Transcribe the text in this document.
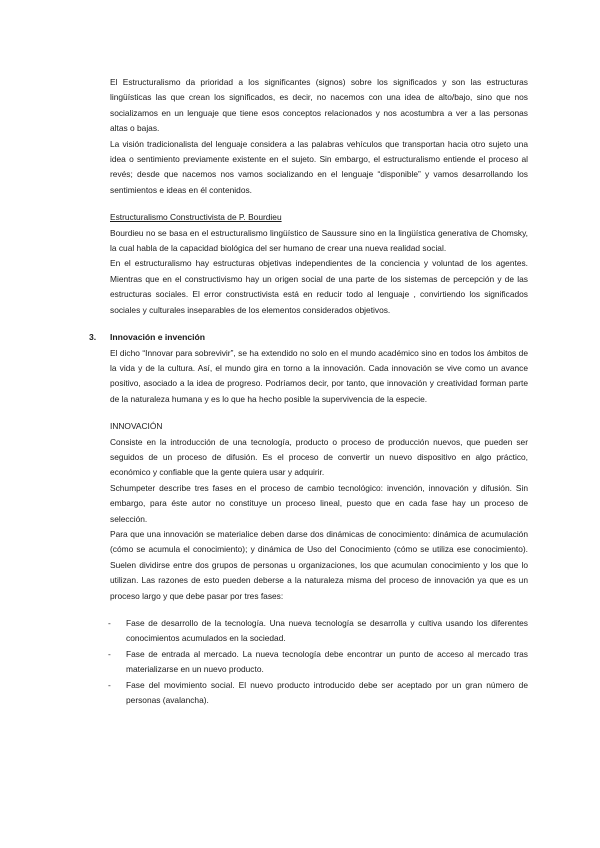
El Estructuralismo da prioridad a los significantes (signos) sobre los significados y son las estructuras lingüísticas las que crean los significados, es decir, no nacemos con una idea de alto/bajo, sino que nos socializamos en un lenguaje que tiene esos conceptos relacionados y nos acostumbra a ver a las personas altas o bajas.

La visión tradicionalista del lenguaje considera a las palabras vehículos que transportan hacia otro sujeto una idea o sentimiento previamente existente en el sujeto. Sin embargo, el estructuralismo entiende el proceso al revés; desde que nacemos nos vamos socializando en el lenguaje “disponible” y vamos desarrollando los sentimientos e ideas en él contenidos.

Estructuralismo Constructivista de P. Bourdieu

Bourdieu no se basa en el estructuralismo lingüístico de Saussure sino en la lingüística generativa de Chomsky, la cual habla de la capacidad biológica del ser humano de crear una nueva realidad social.

En el estructuralismo hay estructuras objetivas independientes de la conciencia y voluntad de los agentes. Mientras que en el constructivismo hay un origen social de una parte de los sistemas de percepción y de las estructuras sociales. El error constructivista está en reducir todo al lenguaje , convirtiendo los significados sociales y culturales inseparables de los elementos considerados objetivos.

3. Innovación e invención

El dicho “Innovar para sobrevivir”, se ha extendido no solo en el mundo académico sino en todos los ámbitos de la vida y de la cultura. Así, el mundo gira en torno a la innovación. Cada innovación se vive como un avance positivo, asociado a la idea de progreso. Podríamos decir, por tanto, que innovación y creatividad forman parte de la naturaleza humana y es lo que ha hecho posible la supervivencia de la especie.

INNOVACIÓN

Consiste en la introducción de una tecnología, producto o proceso de producción nuevos, que pueden ser seguidos de un proceso de difusión. Es el proceso de convertir un nuevo dispositivo en algo práctico, económico y confiable que la gente quiera usar y adquirir.

Schumpeter describe tres fases en el proceso de cambio tecnológico: invención, innovación y difusión. Sin embargo, para éste autor no constituye un proceso lineal, puesto que en cada fase hay un proceso de selección.

Para que una innovación se materialice deben darse dos dinámicas de conocimiento: dinámica de acumulación (cómo se acumula el conocimiento); y dinámica de Uso del Conocimiento (cómo se utiliza ese conocimiento). Suelen dividirse entre dos grupos de personas u organizaciones, los que acumulan conocimiento y los que lo utilizan. Las razones de esto pueden deberse a la naturaleza misma del proceso de innovación ya que es un proceso largo y que debe pasar por tres fases:

- Fase de desarrollo de la tecnología. Una nueva tecnología se desarrolla y cultiva usando los diferentes conocimientos acumulados en la sociedad.
- Fase de entrada al mercado. La nueva tecnología debe encontrar un punto de acceso al mercado tras materializarse en un nuevo producto.
- Fase del movimiento social. El nuevo producto introducido debe ser aceptado por un gran número de personas (avalancha).
